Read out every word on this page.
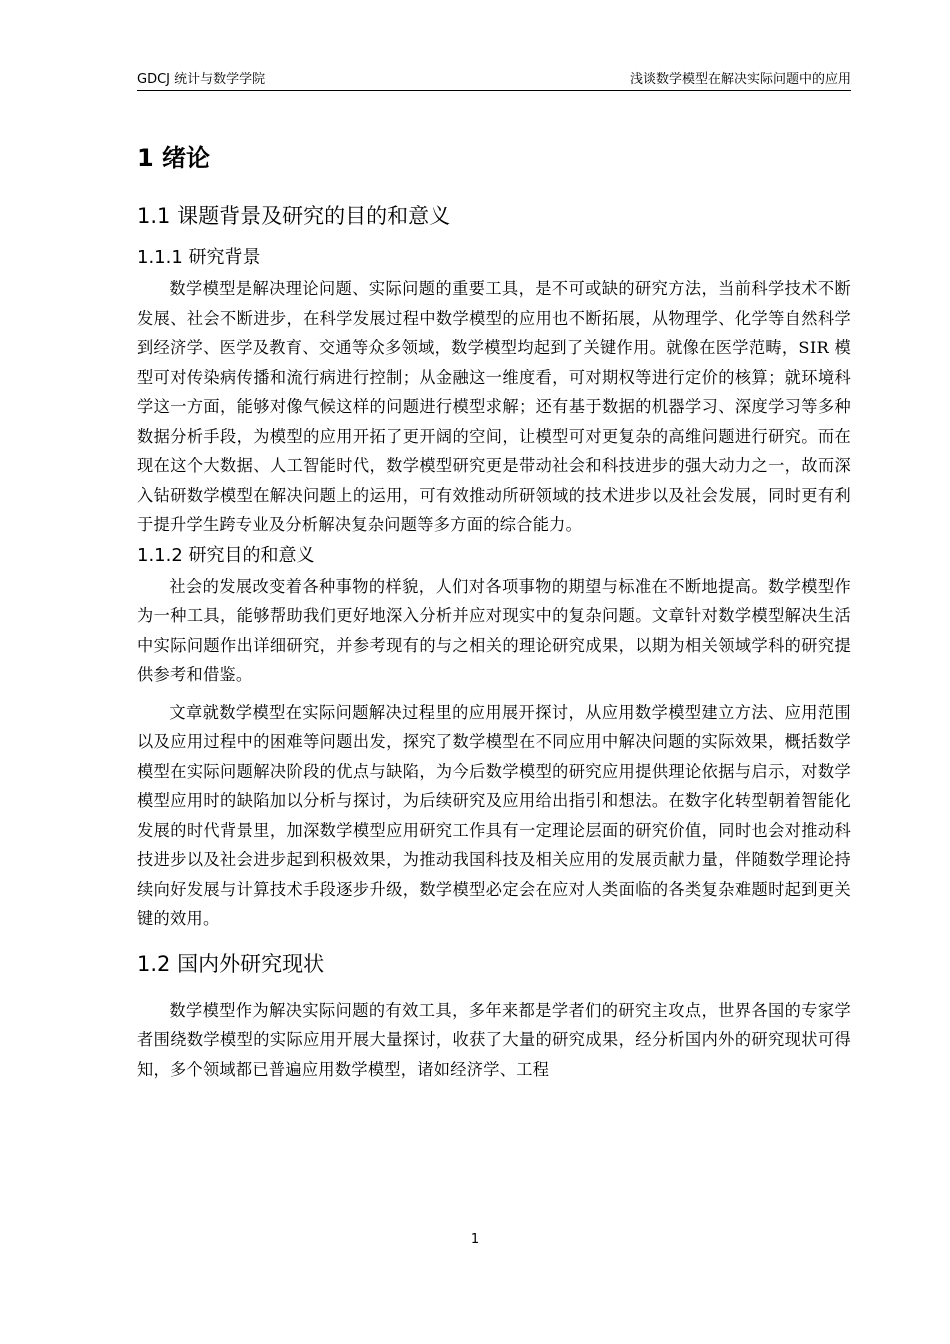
GDCJ 统计与数学学院	浅谈数学模型在解决实际问题中的应用
1 绪论
1.1 课题背景及研究的目的和意义
1.1.1 研究背景

数学模型是解决理论问题、实际问题的重要工具，是不可或缺的研究方法，当前科学技术不断发展、社会不断进步，在科学发展过程中数学模型的应用也不断拓展，从物理学、化学等自然科学到经济学、医学及教育、交通等众多领域，数学模型均起到了关键作用。就像在医学范畴，SIR 模型可对传染病传播和流行病进行控制；从金融这一维度看，可对期权等进行定价的核算；就环境科学这一方面，能够对像气候这样的问题进行模型求解；还有基于数据的机器学习、深度学习等多种数据分析手段，为模型的应用开拓了更开阔的空间，让模型可对更复杂的高维问题进行研究。而在现在这个大数据、人工智能时代，数学模型研究更是带动社会和科技进步的强大动力之一，故而深入钻研数学模型在解决问题上的运用，可有效推动所研领域的技术进步以及社会发展，同时更有利于提升学生跨专业及分析解决复杂问题等多方面的综合能力。

1.1.2 研究目的和意义

社会的发展改变着各种事物的样貌，人们对各项事物的期望与标准在不断地提高。数学模型作为一种工具，能够帮助我们更好地深入分析并应对现实中的复杂问题。文章针对数学模型解决生活中实际问题作出详细研究，并参考现有的与之相关的理论研究成果，以期为相关领域学科的研究提供参考和借鉴。

文章就数学模型在实际问题解决过程里的应用展开探讨，从应用数学模型建立方法、应用范围以及应用过程中的困难等问题出发，探究了数学模型在不同应用中解决问题的实际效果，概括数学模型在实际问题解决阶段的优点与缺陷，为今后数学模型的研究应用提供理论依据与启示，对数学模型应用时的缺陷加以分析与探讨，为后续研究及应用给出指引和想法。在数字化转型朝着智能化发展的时代背景里，加深数学模型应用研究工作具有一定理论层面的研究价值，同时也会对推动科技进步以及社会进步起到积极效果，为推动我国科技及相关应用的发展贡献力量，伴随数学理论持续向好发展与计算技术手段逐步升级，数学模型必定会在应对人类面临的各类复杂难题时起到更关键的效用。

1.2 国内外研究现状

数学模型作为解决实际问题的有效工具，多年来都是学者们的研究主攻点，世界各国的专家学者围绕数学模型的实际应用开展大量探讨，收获了大量的研究成果，经分析国内外的研究现状可得知，多个领域都已普遍应用数学模型，诸如经济学、工程

1
